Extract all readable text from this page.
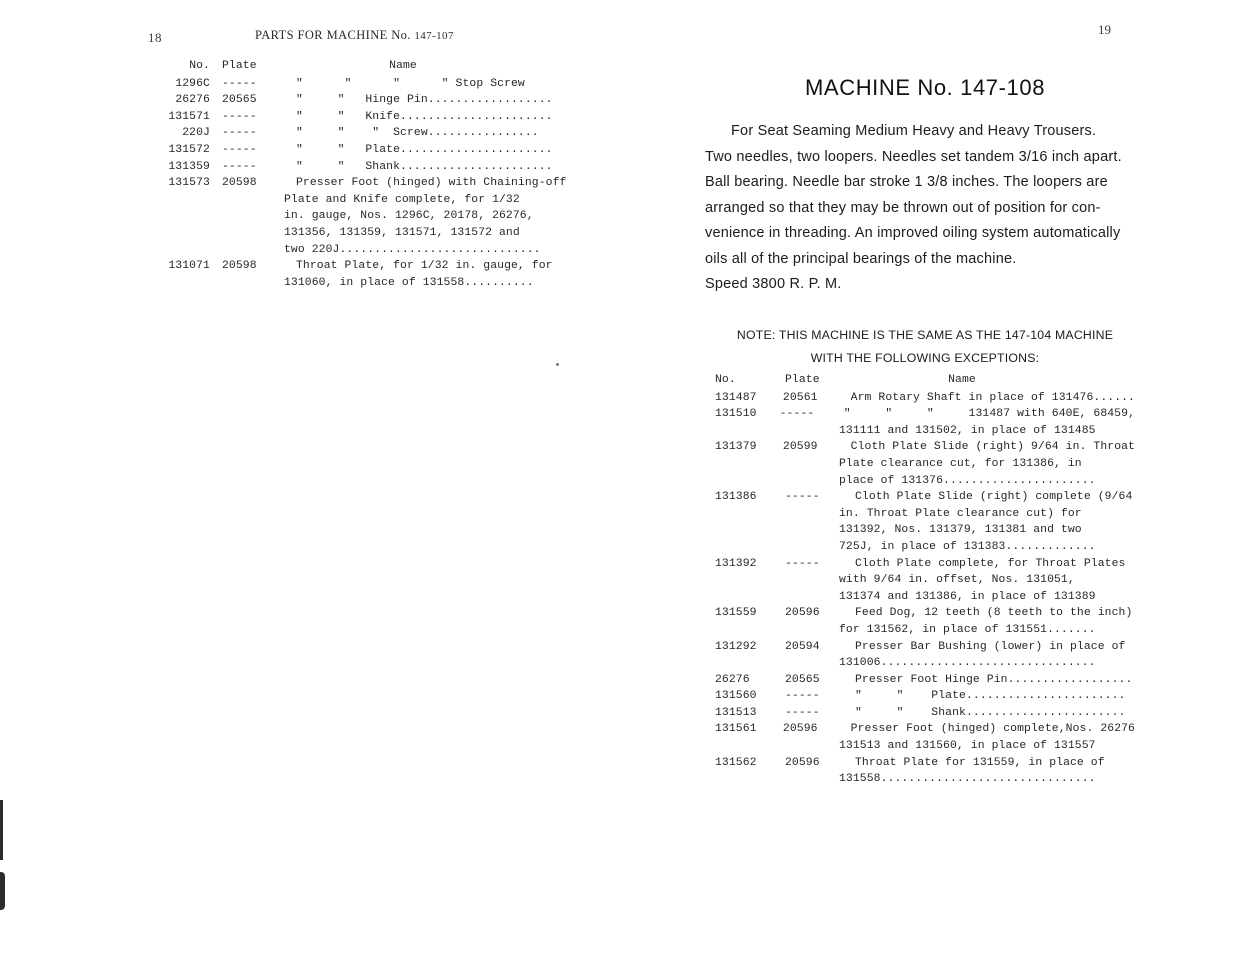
18
19
PARTS FOR MACHINE No. 147-107
No.	Plate	Name
1296C	-----	"      "      "      " Stop Screw
26276	20565	"     "   Hinge Pin..................
131571	-----	"     "   Knife......................
220J	-----	"     "    "  Screw................
131572	-----	"     "   Plate......................
131359	-----	"     "   Shank......................
131573	20598	Presser Foot (hinged) with Chaining-off
Plate and Knife complete, for 1/32
in. gauge, Nos. 1296C, 20178, 26276,
131356, 131359, 131571, 131572 and
two 220J.............................
131071	20598	Throat Plate, for 1/32 in. gauge, for
131060, in place of 131558..........
MACHINE No. 147-108
For Seat Seaming Medium Heavy and Heavy Trousers.
Two needles, two loopers. Needles set tandem 3/16 inch apart.
Ball bearing. Needle bar stroke 1 3/8 inches. The loopers are
arranged so that they may be thrown out of position for con-
venience in threading. An improved oiling system automatically
oils all of the principal bearings of the machine.
Speed 3800 R. P. M.
NOTE: THIS MACHINE IS THE SAME AS THE 147-104 MACHINE
WITH THE FOLLOWING EXCEPTIONS:
No.	Plate	Name
131487	20561	Arm Rotary Shaft in place of 131476......
131510	-----	"     "     "     131487 with 640E, 68459,
131111 and 131502, in place of 131485
131379	20599	Cloth Plate Slide (right) 9/64 in. Throat
Plate clearance cut, for 131386, in
place of 131376......................
131386	-----	Cloth Plate Slide (right) complete (9/64
in. Throat Plate clearance cut) for
131392, Nos. 131379, 131381 and two
725J, in place of 131383.............
131392	-----	Cloth Plate complete, for Throat Plates
with 9/64 in. offset, Nos. 131051,
131374 and 131386, in place of 131389
131559	20596	Feed Dog, 12 teeth (8 teeth to the inch)
for 131562, in place of 131551.......
131292	20594	Presser Bar Bushing (lower) in place of
131006...............................
26276	20565	Presser Foot Hinge Pin..................
131560	-----	"     "    Plate.......................
131513	-----	"     "    Shank.......................
131561	20596	Presser Foot (hinged) complete,Nos. 26276
131513 and 131560, in place of 131557
131562	20596	Throat Plate for 131559, in place of
131558...............................
